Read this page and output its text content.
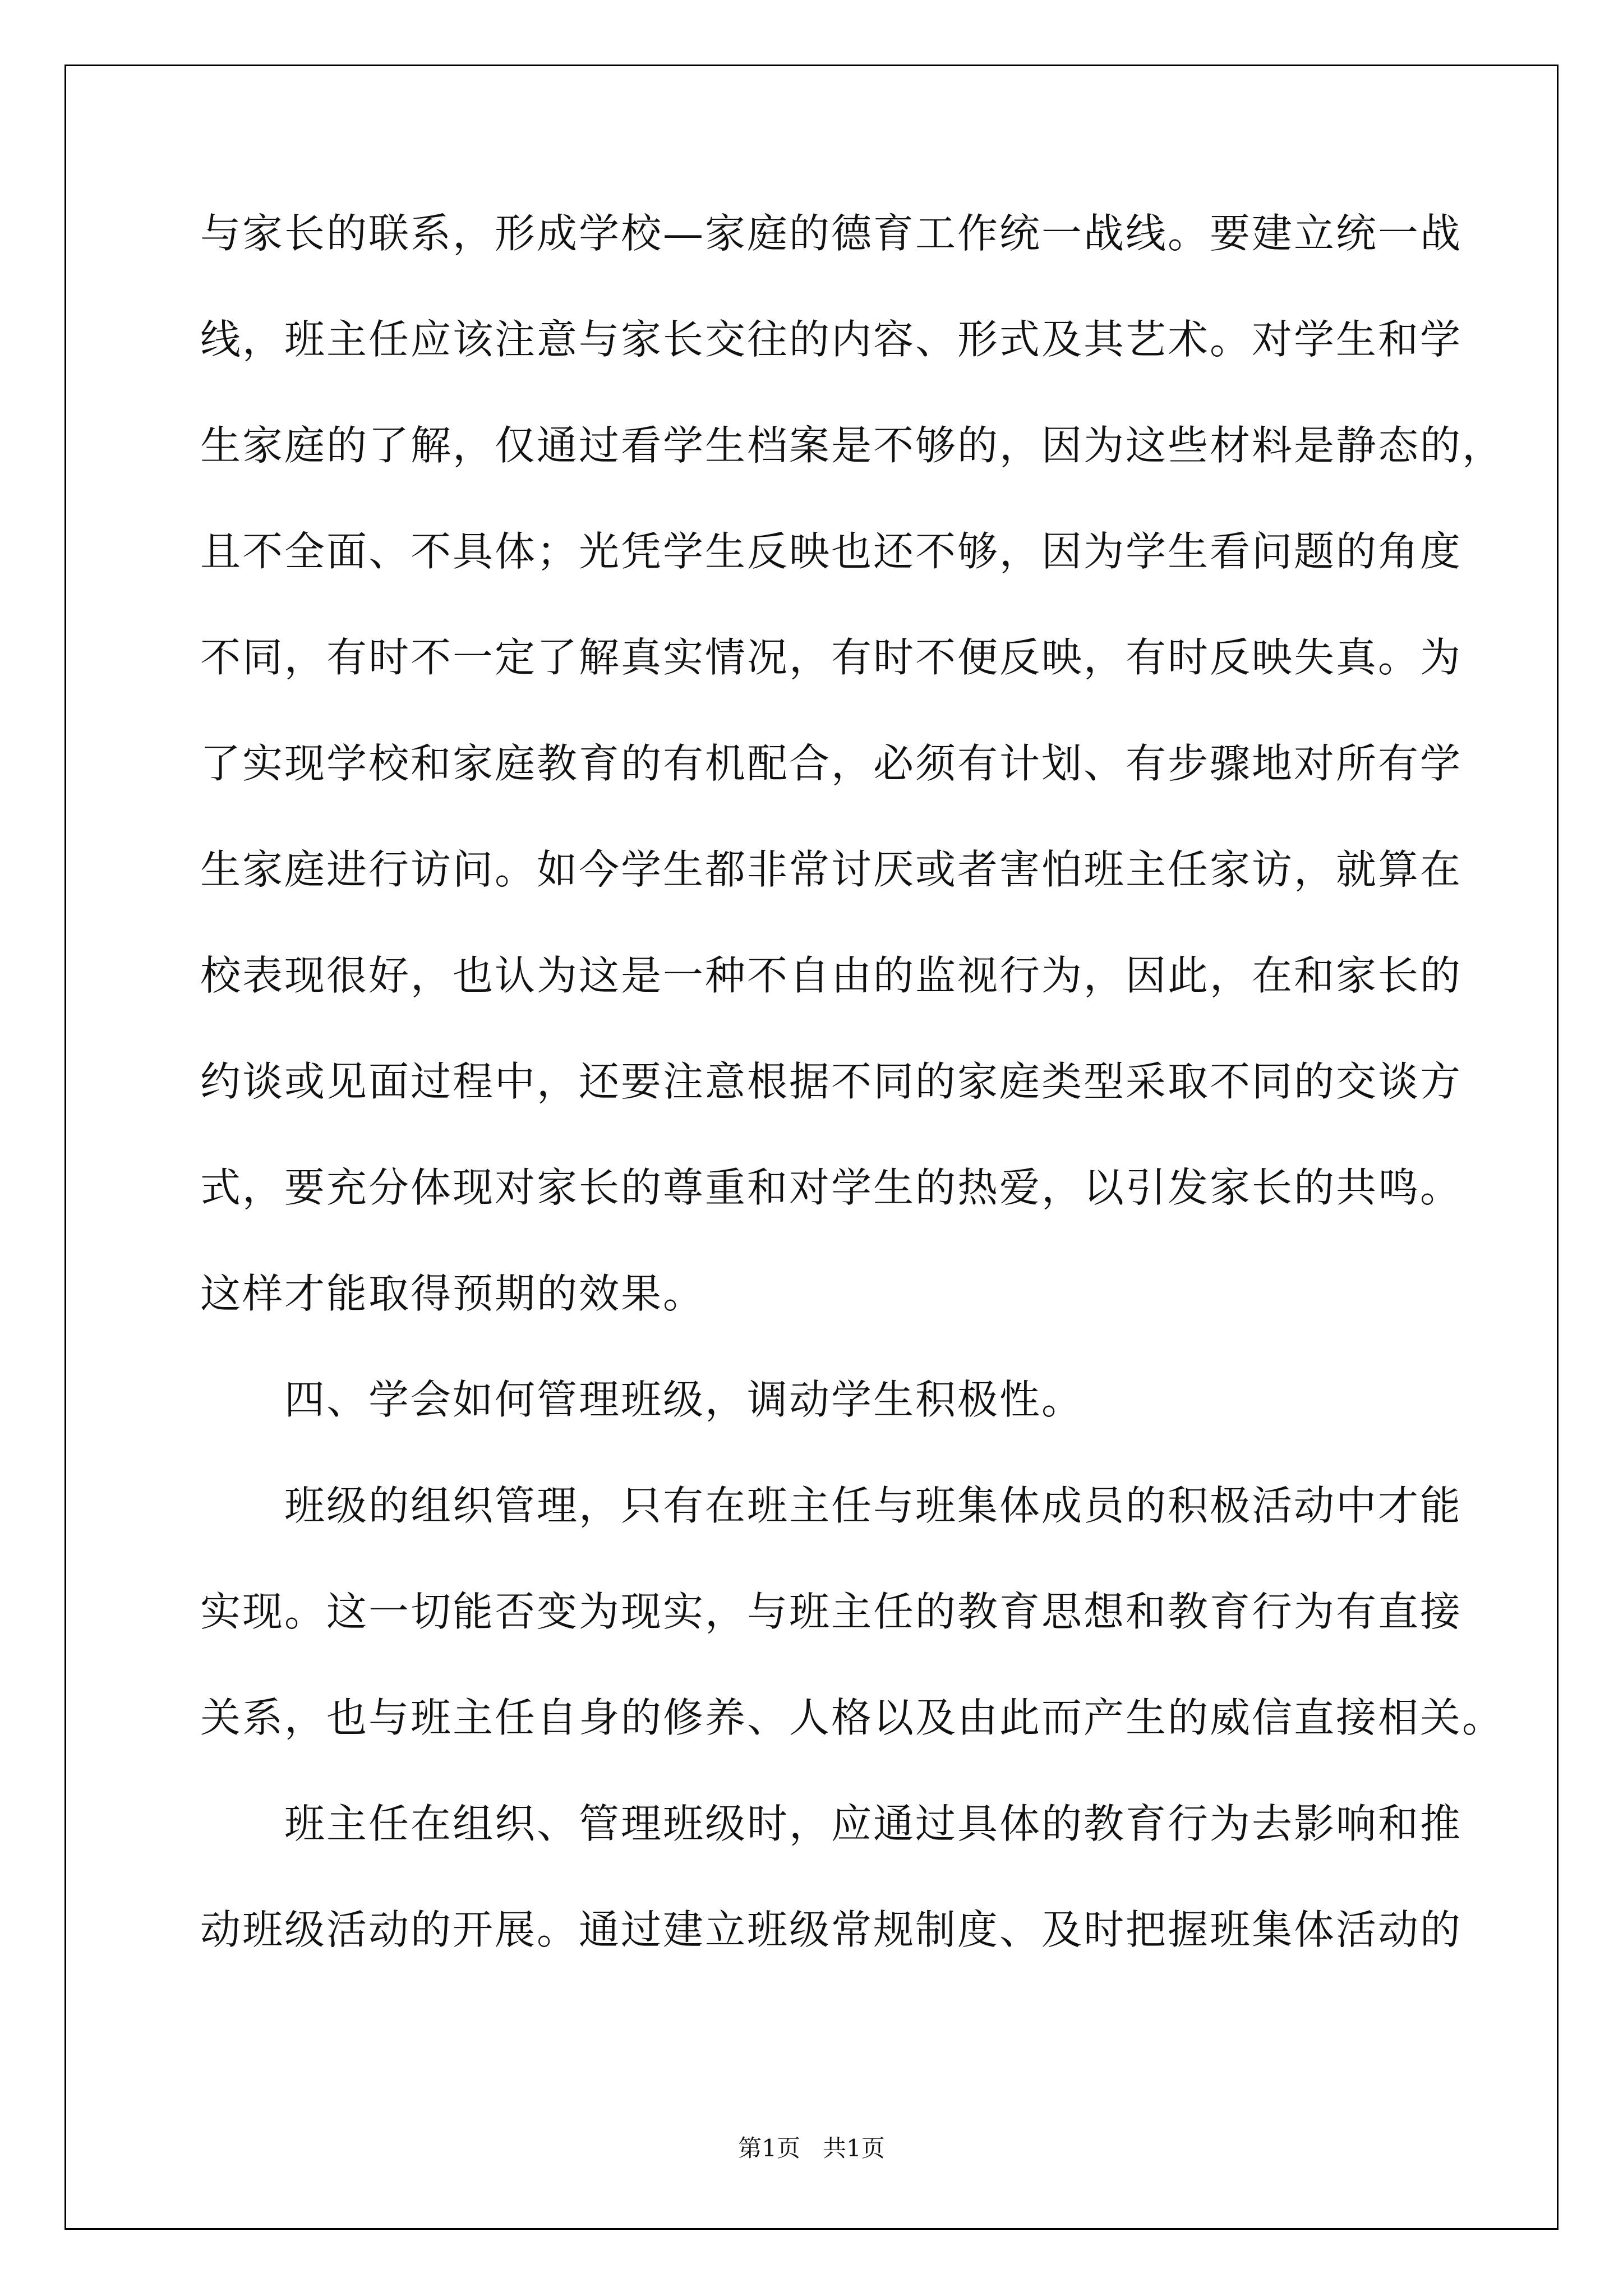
与家长的联系，形成学校—家庭的德育工作统一战线。要建立统一战
线，班主任应该注意与家长交往的内容、形式及其艺术。对学生和学
生家庭的了解，仅通过看学生档案是不够的，因为这些材料是静态的，
且不全面、不具体；光凭学生反映也还不够，因为学生看问题的角度
不同，有时不一定了解真实情况，有时不便反映，有时反映失真。为
了实现学校和家庭教育的有机配合，必须有计划、有步骤地对所有学
生家庭进行访问。如今学生都非常讨厌或者害怕班主任家访，就算在
校表现很好，也认为这是一种不自由的监视行为，因此，在和家长的
约谈或见面过程中，还要注意根据不同的家庭类型采取不同的交谈方
式，要充分体现对家长的尊重和对学生的热爱，以引发家长的共鸣。
这样才能取得预期的效果。
四、学会如何管理班级，调动学生积极性。
班级的组织管理，只有在班主任与班集体成员的积极活动中才能
实现。这一切能否变为现实，与班主任的教育思想和教育行为有直接
关系，也与班主任自身的修养、人格以及由此而产生的威信直接相关。
班主任在组织、管理班级时，应通过具体的教育行为去影响和推
动班级活动的开展。通过建立班级常规制度、及时把握班集体活动的
第1页 共1页
